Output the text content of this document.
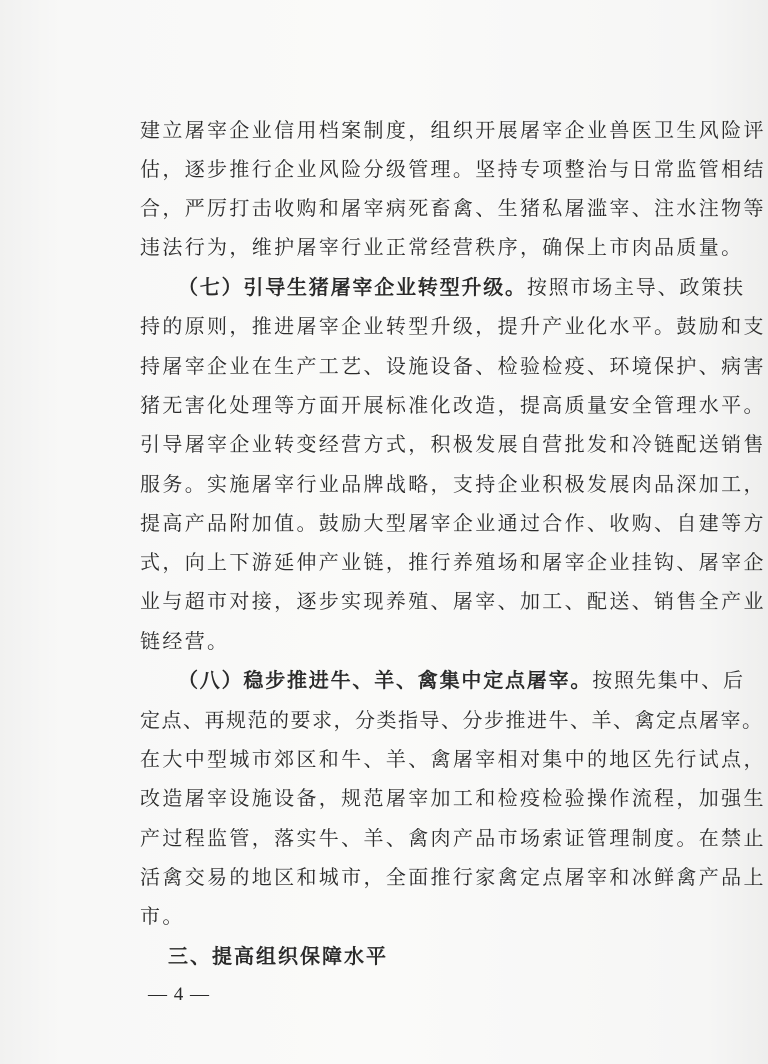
建立屠宰企业信用档案制度，组织开展屠宰企业兽医卫生风险评
估，逐步推行企业风险分级管理。坚持专项整治与日常监管相结
合，严厉打击收购和屠宰病死畜禽、生猪私屠滥宰、注水注物等
违法行为，维护屠宰行业正常经营秩序，确保上市肉品质量。
（七）引导生猪屠宰企业转型升级。按照市场主导、政策扶
持的原则，推进屠宰企业转型升级，提升产业化水平。鼓励和支
持屠宰企业在生产工艺、设施设备、检验检疫、环境保护、病害
猪无害化处理等方面开展标准化改造，提高质量安全管理水平。
引导屠宰企业转变经营方式，积极发展自营批发和冷链配送销售
服务。实施屠宰行业品牌战略，支持企业积极发展肉品深加工，
提高产品附加值。鼓励大型屠宰企业通过合作、收购、自建等方
式，向上下游延伸产业链，推行养殖场和屠宰企业挂钩、屠宰企
业与超市对接，逐步实现养殖、屠宰、加工、配送、销售全产业
链经营。
（八）稳步推进牛、羊、禽集中定点屠宰。按照先集中、后
定点、再规范的要求，分类指导、分步推进牛、羊、禽定点屠宰。
在大中型城市郊区和牛、羊、禽屠宰相对集中的地区先行试点，
改造屠宰设施设备，规范屠宰加工和检疫检验操作流程，加强生
产过程监管，落实牛、羊、禽肉产品市场索证管理制度。在禁止
活禽交易的地区和城市，全面推行家禽定点屠宰和冰鲜禽产品上
市。
三、提高组织保障水平
— 4 —
